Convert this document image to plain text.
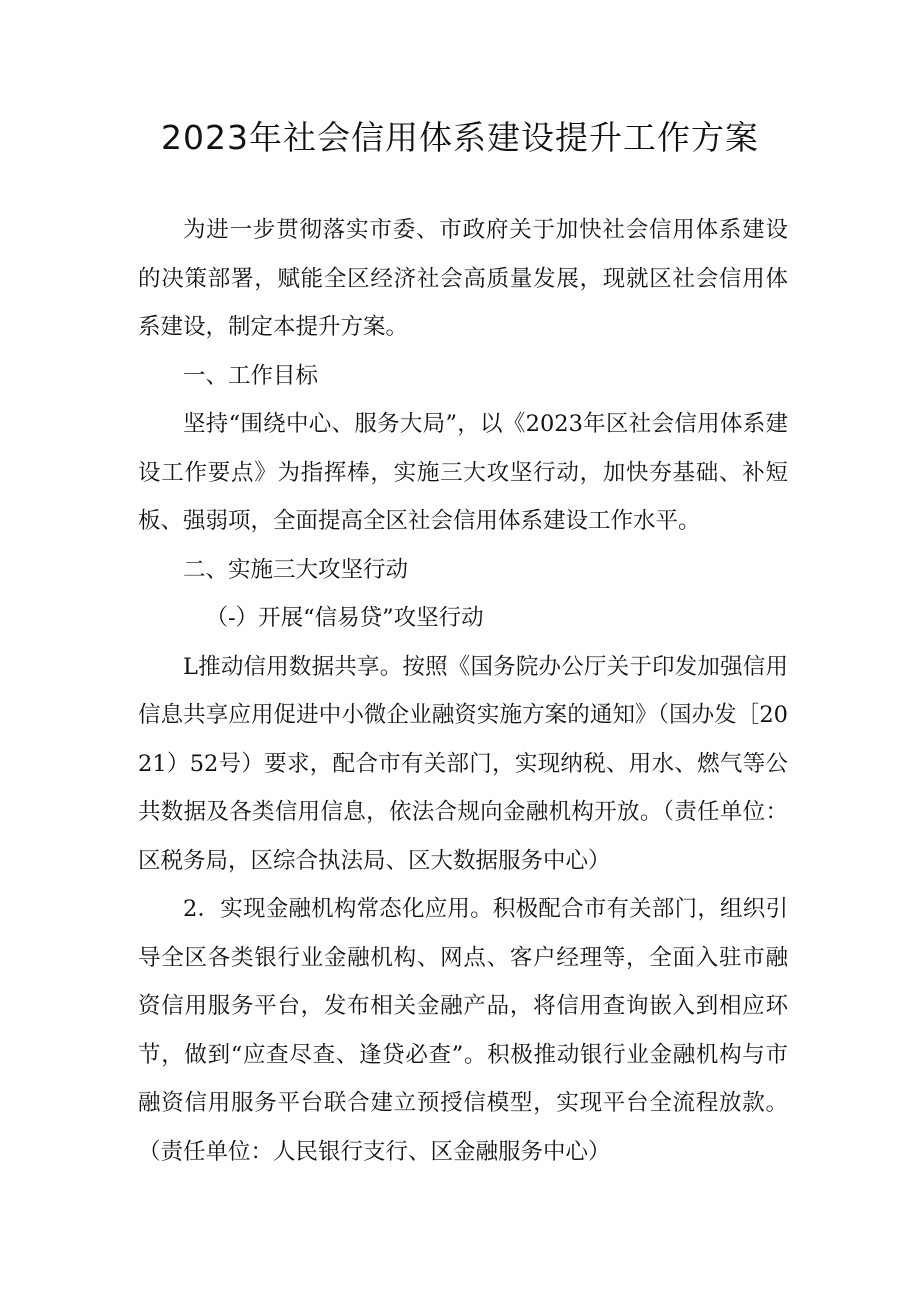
2023年社会信用体系建设提升工作方案

为进一步贯彻落实市委、市政府关于加快社会信用体系建设的决策部署，赋能全区经济社会高质量发展，现就区社会信用体系建设，制定本提升方案。

一、工作目标

坚持“围绕中心、服务大局”，以《2023年区社会信用体系建设工作要点》为指挥棒，实施三大攻坚行动，加快夯基础、补短板、强弱项，全面提高全区社会信用体系建设工作水平。

二、实施三大攻坚行动

（-）开展“信易贷”攻坚行动

L推动信用数据共享。按照《国务院办公厅关于印发加强信用信息共享应用促进中小微企业融资实施方案的通知》（国办发［2021）52号）要求，配合市有关部门，实现纳税、用水、燃气等公共数据及各类信用信息，依法合规向金融机构开放。（责任单位：区税务局，区综合执法局、区大数据服务中心）

2．实现金融机构常态化应用。积极配合市有关部门，组织引导全区各类银行业金融机构、网点、客户经理等，全面入驻市融资信用服务平台，发布相关金融产品，将信用查询嵌入到相应环节，做到“应查尽查、逢贷必查”。积极推动银行业金融机构与市融资信用服务平台联合建立预授信模型，实现平台全流程放款。（责任单位：人民银行支行、区金融服务中心）
